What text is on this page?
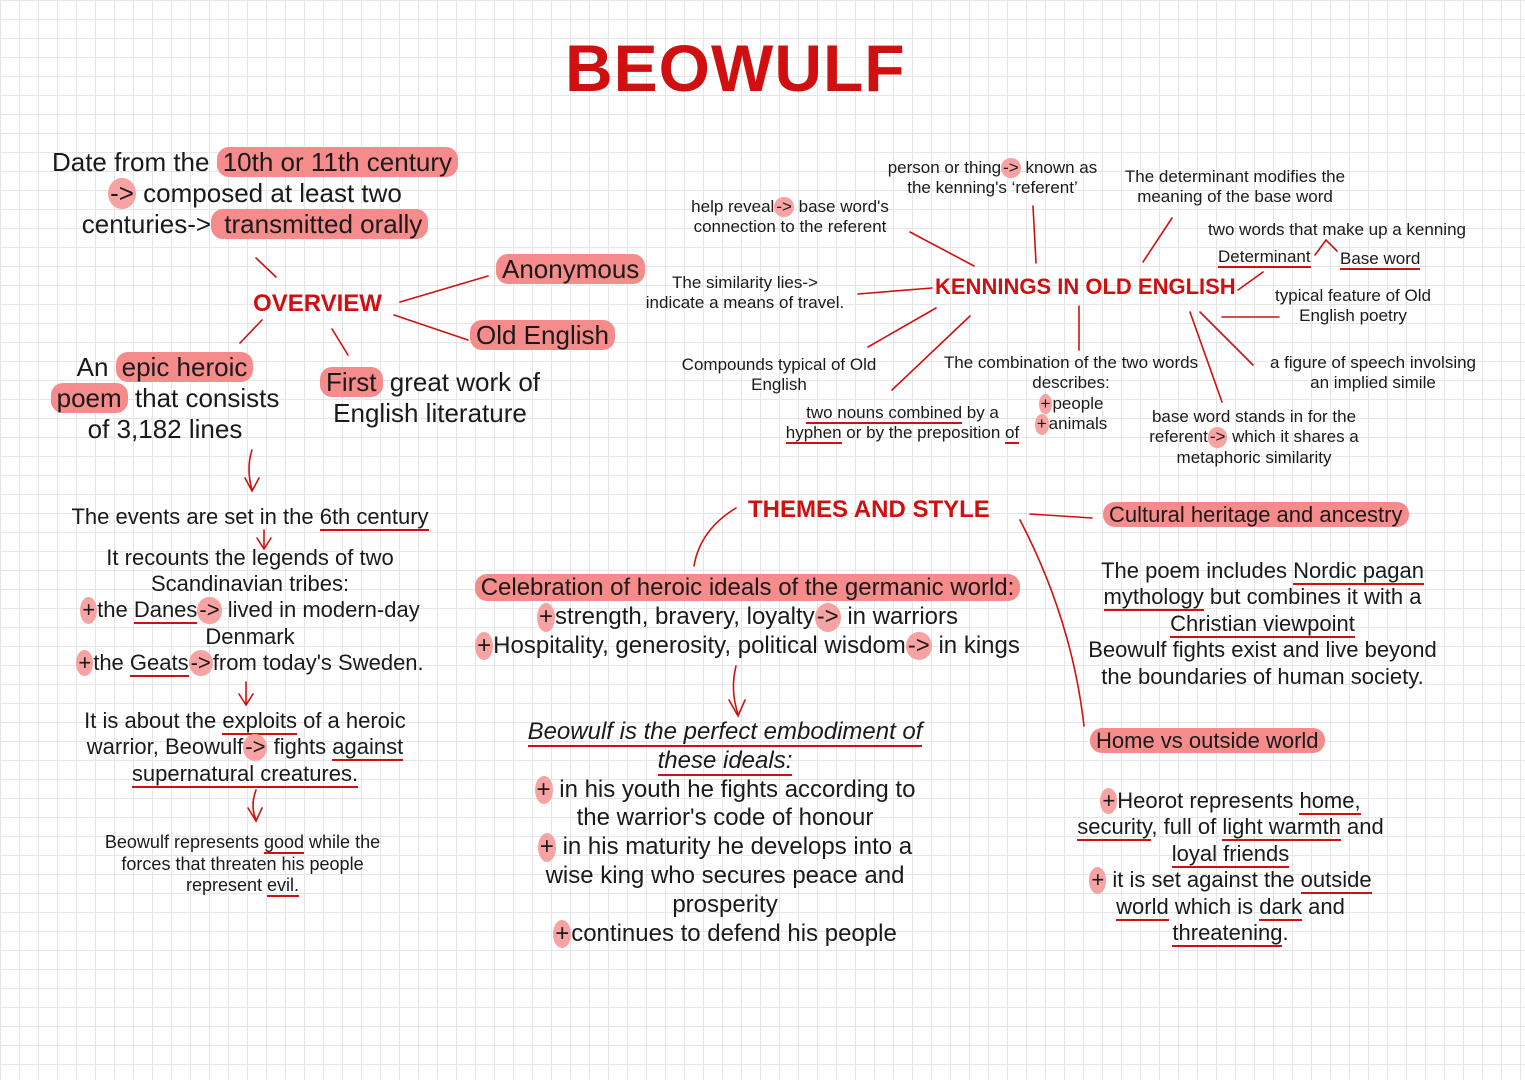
BEOWULF
Date from the 10th or 11th century
-> composed at least two
centuries-> transmitted orally
OVERVIEW
Anonymous
Old English
An epic heroic
poem that consists
of 3,182 lines
First great work of
English literature
The events are set in the 6th century
It recounts the legends of two
Scandinavian tribes:
+the Danes-> lived in modern-day
Denmark
+the Geats->from today's Sweden.
It is about the exploits of a heroic
warrior, Beowulf-> fights against
supernatural creatures.
Beowulf represents good while the
forces that threaten his people
represent evil.
person or thing -> known as
the kenning's ‘referent’
The determinant modifies the
meaning of the base word
help reveal -> base word's
connection to the referent	two words that make up a kenning
Determinant Base word
KENNINGS IN OLD ENGLISH
The similarity lies->
indicate a means of travel.	typical feature of Old
English poetry
Compounds typical of Old
English
The combination of the two words
describes:
+ people
+ animals
a figure of speech involsing
an implied simile
two nouns combined by a
hyphen or by the preposition of
base word stands in for the
referent -> which it shares a
metaphoric similarity
THEMES AND STYLE
Celebration of heroic ideals of the germanic world:
+strength, bravery, loyalty-> in warriors
+Hospitality, generosity, political wisdom-> in kings
Beowulf is the perfect embodiment of
these ideals:
+ in his youth he fights according to
the warrior's code of honour
+ in his maturity he develops into a
wise king who secures peace and
prosperity
+continues to defend his people
Cultural heritage and ancestry
The poem includes Nordic pagan
mythology but combines it with a
Christian viewpoint
Beowulf fights exist and live beyond
the boundaries of human society.
Home vs outside world
+Heorot represents home,
security, full of light warmth and
loyal friends
+ it is set against the outside
world which is dark and
threatening.
